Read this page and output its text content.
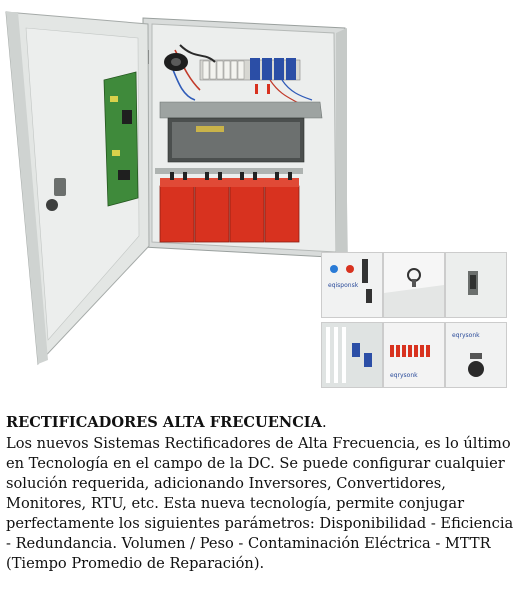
eqisponsk
eqrysonk
eqrysonk
RECTIFICADORES ALTA FRECUENCIA.
Los nuevos Sistemas Rectificadores de Alta Frecuencia, es lo último
en Tecnología en el campo de la DC. Se puede configurar cualquier
solución requerida, adicionando Inversores, Convertidores,
Monitores, RTU, etc. Esta nueva tecnología, permite conjugar
perfectamente los siguientes parámetros: Disponibilidad - Eficiencia
- Redundancia. Volumen / Peso - Contaminación Eléctrica - MTTR
(Tiempo Promedio de Reparación).
